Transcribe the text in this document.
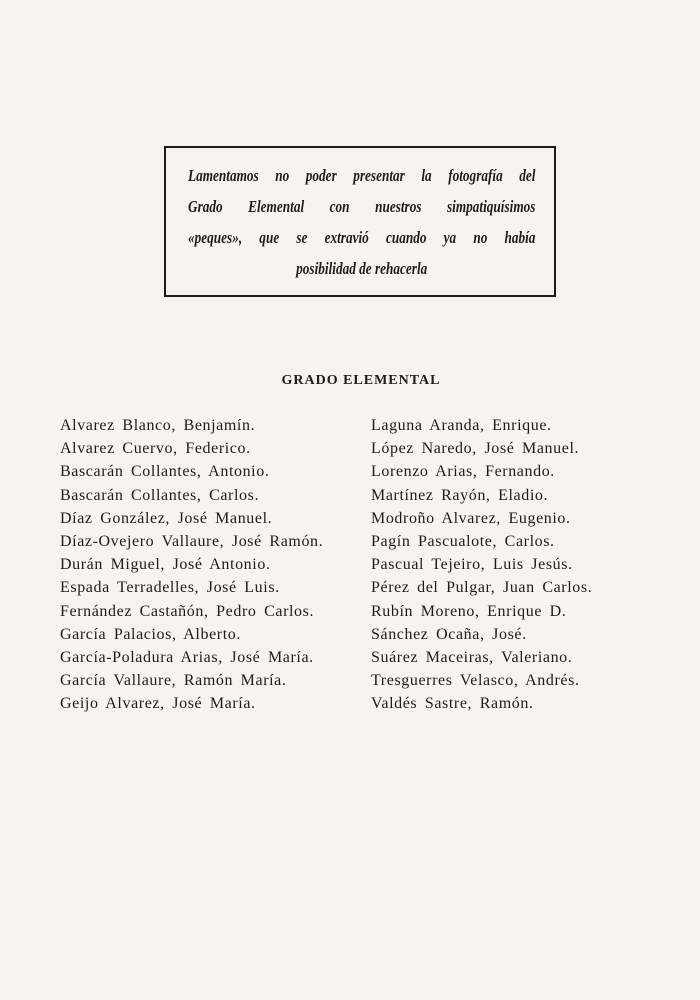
Lamentamos no poder presentar la fotografía del
Grado Elemental con nuestros simpatiquísimos
«peques», que se extravió cuando ya no había
posibilidad de rehacerla
GRADO ELEMENTAL
Alvarez Blanco, Benjamín.
Alvarez Cuervo, Federico.
Bascarán Collantes, Antonio.
Bascarán Collantes, Carlos.
Díaz González, José Manuel.
Díaz-Ovejero Vallaure, José Ramón.
Durán Miguel, José Antonio.
Espada Terradelles, José Luis.
Fernández Castañón, Pedro Carlos.
García Palacios, Alberto.
García-Poladura Arias, José María.
García Vallaure, Ramón María.
Geijo Alvarez, José María.
Laguna Aranda, Enrique.
López Naredo, José Manuel.
Lorenzo Arias, Fernando.
Martínez Rayón, Eladio.
Modroño Alvarez, Eugenio.
Pagín Pascualote, Carlos.
Pascual Tejeiro, Luis Jesús.
Pérez del Pulgar, Juan Carlos.
Rubín Moreno, Enrique D.
Sánchez Ocaña, José.
Suárez Maceiras, Valeriano.
Tresguerres Velasco, Andrés.
Valdés Sastre, Ramón.
